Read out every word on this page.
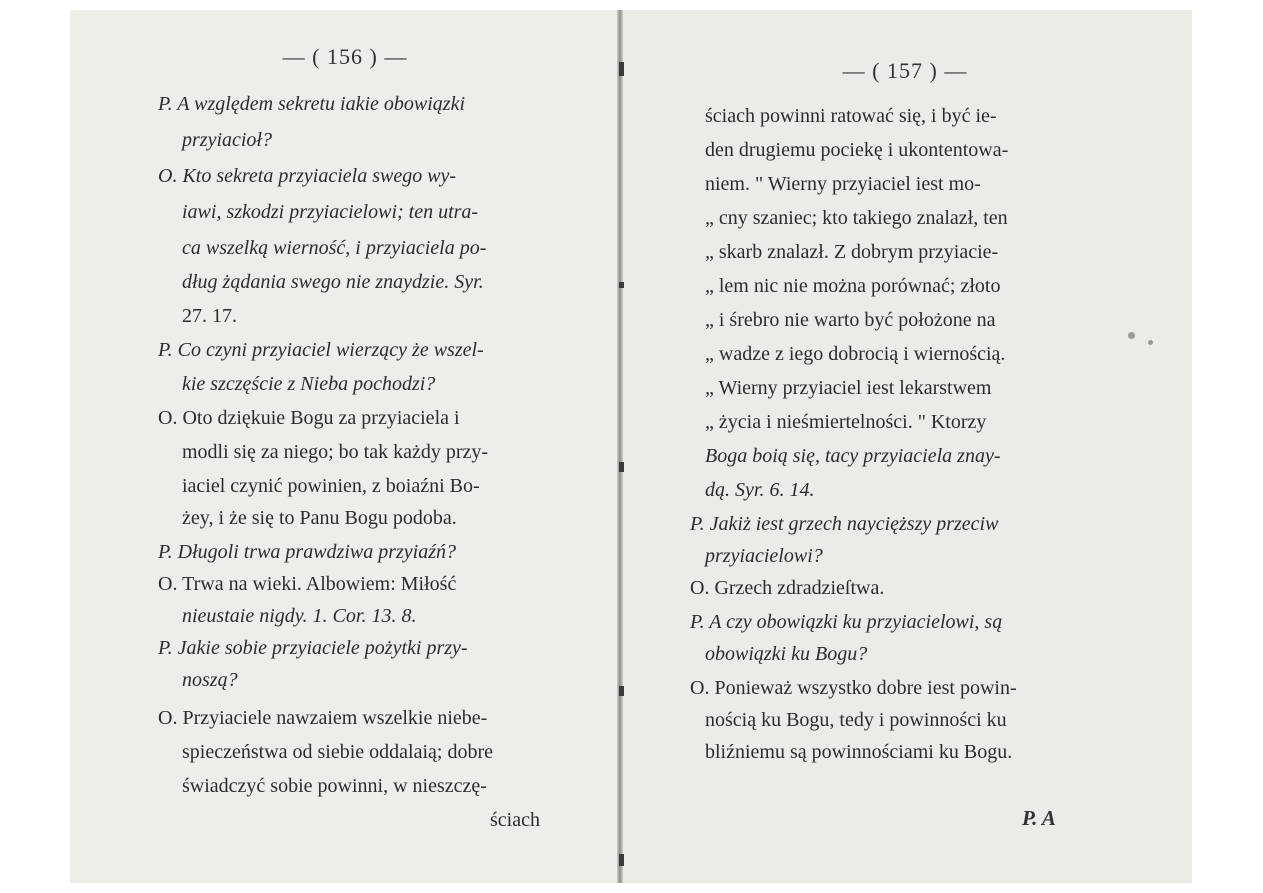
— ( 156 ) —
P. A względem sekretu iakie obowiązki
przyiacioł?
O. Kto sekreta przyiaciela swego wy-
iawi, szkodzi przyiacielowi; ten utra-
ca wszelką wierność, i przyiaciela po-
dług żądania swego nie znaydzie. Syr.
27. 17.
P. Co czyni przyiaciel wierzący że wszel-
kie szczęście z Nieba pochodzi?
O. Oto dziękuie Bogu za przyiaciela i
modli się za niego; bo tak każdy przy-
iaciel czynić powinien, z boiaźni Bo-
żey, i że się to Panu Bogu podoba.
P. Długoli trwa prawdziwa przyiaźń?
O. Trwa na wieki. Albowiem: Miłość
nieustaie nigdy. 1. Cor. 13. 8.
P. Jakie sobie przyiaciele pożytki przy-
noszą?
O. Przyiaciele nawzaiem wszelkie niebe-
spieczeństwa od siebie oddalaią; dobre
świadczyć sobie powinni, w nieszczę-
ściach
— ( 157 ) —
ściach powinni ratować się, i być ie-
den drugiemu pociekę i ukontentowa-
niem. " Wierny przyiaciel iest mo-
„ cny szaniec; kto takiego znalazł, ten
„ skarb znalazł. Z dobrym przyiacie-
„ lem nic nie można porównać; złoto
„ i śrebro nie warto być położone na
„ wadze z iego dobrocią i wiernością.
„ Wierny przyiaciel iest lekarstwem
„ życia i nieśmiertelności. " Ktorzy
Boga boią się, tacy przyiaciela znay-
dą. Syr. 6. 14.
P. Jakiż iest grzech naycięższy przeciw
przyiacielowi?
O. Grzech zdradzieſtwa.
P. A czy obowiązki ku przyiacielowi, są
obowiązki ku Bogu?
O. Ponieważ wszystko dobre iest powin-
nością ku Bogu, tedy i powinności ku
bliźniemu są powinnościami ku Bogu.
P. A
